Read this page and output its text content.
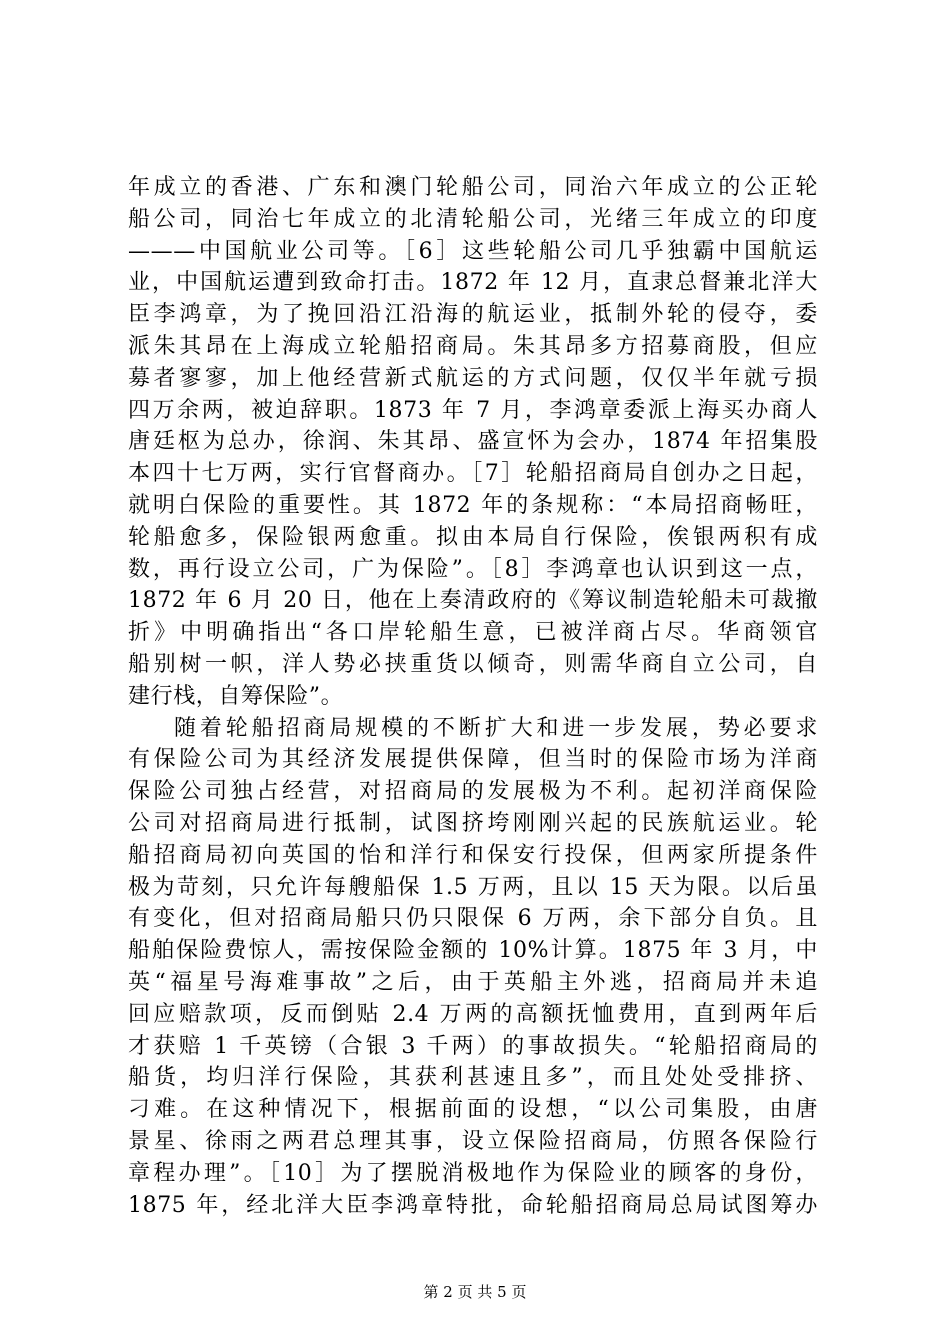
年成立的香港、广东和澳门轮船公司，同治六年成立的公正轮
船公司，同治七年成立的北清轮船公司，光绪三年成立的印度
———中国航业公司等。［6］这些轮船公司几乎独霸中国航运
业，中国航运遭到致命打击。1872 年 12 月，直隶总督兼北洋大
臣李鸿章，为了挽回沿江沿海的航运业，抵制外轮的侵夺，委
派朱其昂在上海成立轮船招商局。朱其昂多方招募商股，但应
募者寥寥，加上他经营新式航运的方式问题，仅仅半年就亏损
四万余两，被迫辞职。1873 年 7 月，李鸿章委派上海买办商人
唐廷枢为总办，徐润、朱其昂、盛宣怀为会办，1874 年招集股
本四十七万两，实行官督商办。［7］轮船招商局自创办之日起，
就明白保险的重要性。其 1872 年的条规称：“本局招商畅旺，
轮船愈多，保险银两愈重。拟由本局自行保险，俟银两积有成
数，再行设立公司，广为保险”。［8］李鸿章也认识到这一点，
1872 年 6 月 20 日，他在上奏清政府的《筹议制造轮船未可裁撤
折》中明确指出“各口岸轮船生意，已被洋商占尽。华商领官
船别树一帜，洋人势必挟重货以倾奇，则需华商自立公司，自
建行栈，自筹保险”。
随着轮船招商局规模的不断扩大和进一步发展，势必要求
有保险公司为其经济发展提供保障，但当时的保险市场为洋商
保险公司独占经营，对招商局的发展极为不利。起初洋商保险
公司对招商局进行抵制，试图挤垮刚刚兴起的民族航运业。轮
船招商局初向英国的怡和洋行和保安行投保，但两家所提条件
极为苛刻，只允许每艘船保 1.5 万两，且以 15 天为限。以后虽
有变化，但对招商局船只仍只限保 6 万两，余下部分自负。且
船舶保险费惊人，需按保险金额的 10%计算。1875 年 3 月，中
英“福星号海难事故”之后，由于英船主外逃，招商局并未追
回应赔款项，反而倒贴 2.4 万两的高额抚恤费用，直到两年后
才获赔 1 千英镑（合银 3 千两）的事故损失。“轮船招商局的
船货，均归洋行保险，其获利甚速且多”，而且处处受排挤、
刁难。在这种情况下，根据前面的设想，“以公司集股，由唐
景星、徐雨之两君总理其事，设立保险招商局，仿照各保险行
章程办理”。［10］为了摆脱消极地作为保险业的顾客的身份，
1875 年，经北洋大臣李鸿章特批，命轮船招商局总局试图筹办
第 2 页 共 5 页
